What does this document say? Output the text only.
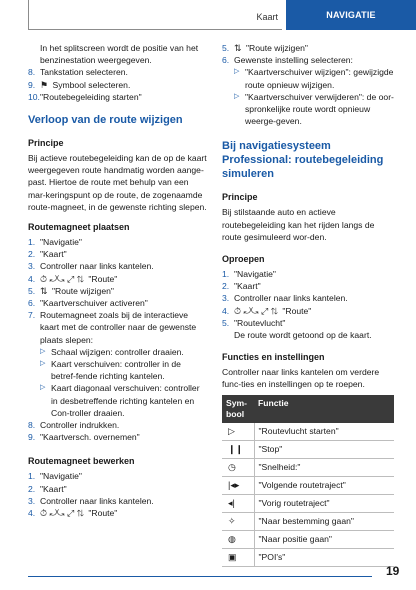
Kaart	NAVIGATIE
In het splitscreen wordt de positie van het benzinestation weergegeven.
8. Tankstation selecteren.
9. ⚑ Symbool selecteren.
10. "Routebegeleiding starten"
Verloop van de route wijzigen
Principe
Bij actieve routebegeleiding kan de op de kaart weergegeven route handmatig worden aange-past. Hiertoe de route met behulp van een mar-keringspunt op de route, de zogenaamde route-magneet, in de gewenste richting slepen.
Routemagneet plaatsen
1. "Navigatie"
2. "Kaart"
3. Controller naar links kantelen.
4. ⏱ ⤾⤿ ⤢ ⇅ "Route"
5. ⇅ "Route wijzigen"
6. "Kaartverschuiver activeren"
7. Routemagneet zoals bij de interactieve kaart met de controller naar de gewenste plaats slepen:
▷ Schaal wijzigen: controller draaien.
▷ Kaart verschuiven: controller in de betref-fende richting kantelen.
▷ Kaart diagonaal verschuiven: controller in desbetreffende richting kantelen en Con-troller draaien.
8. Controller indrukken.
9. "Kaartversch. overnemen"
Routemagneet bewerken
1. "Navigatie"
2. "Kaart"
3. Controller naar links kantelen.
4. ⏱ ⤾⤿ ⤢ ⇅ "Route"
5. ⇅ "Route wijzigen"
6. Gewenste instelling selecteren:
▷ "Kaartverschuiver wijzigen": gewijzigde route opnieuw wijzigen.
▷ "Kaartverschuiver verwijderen": de oor-spronkelijke route wordt opnieuw weerge-geven.
Bij navigatiesysteem Professional: routebegeleiding simuleren
Principe
Bij stilstaande auto en actieve routebegeleiding kan het rijden langs de route gesimuleerd wor-den.
Oproepen
1. "Navigatie"
2. "Kaart"
3. Controller naar links kantelen.
4. ⏱ ⤾⤿ ⤢ ⇅ "Route"
5. "Routevlucht"
De route wordt getoond op de kaart.
Functies en instellingen
Controller naar links kantelen om verdere func-ties en instellingen op te roepen.
Sym-bool	Functie
▷	"Routevlucht starten"
❙❙	"Stop"
◷	"Snelheid:"
|◂▸	"Volgende routetraject"
◂|	"Vorig routetraject"
✧	"Naar bestemming gaan"
◍	"Naar positie gaan"
▣	"POI's"
19
